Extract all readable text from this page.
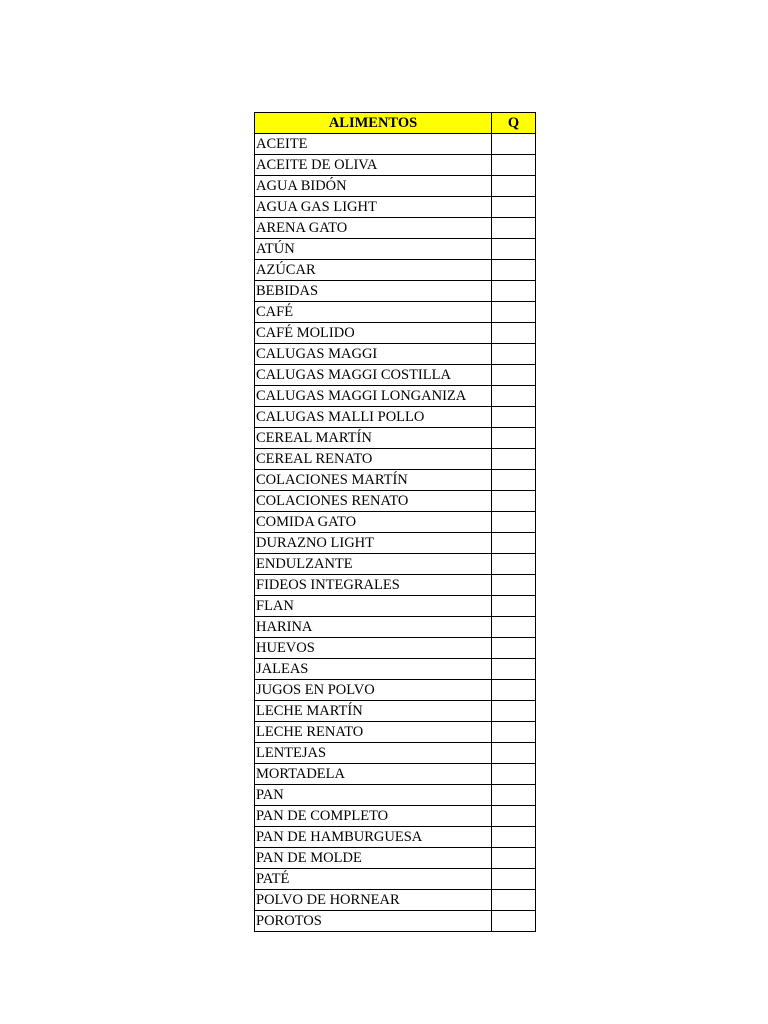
ALIMENTOS	Q
ACEITE	
ACEITE DE OLIVA	
AGUA BIDÓN	
AGUA GAS LIGHT	
ARENA GATO	
ATÚN	
AZÚCAR	
BEBIDAS	
CAFÉ	
CAFÉ MOLIDO	
CALUGAS MAGGI	
CALUGAS MAGGI COSTILLA	
CALUGAS MAGGI LONGANIZA	
CALUGAS MALLI POLLO	
CEREAL MARTÍN	
CEREAL RENATO	
COLACIONES MARTÍN	
COLACIONES RENATO	
COMIDA GATO	
DURAZNO LIGHT	
ENDULZANTE	
FIDEOS INTEGRALES	
FLAN	
HARINA	
HUEVOS	
JALEAS	
JUGOS EN POLVO	
LECHE MARTÍN	
LECHE RENATO	
LENTEJAS	
MORTADELA	
PAN	
PAN DE COMPLETO	
PAN DE HAMBURGUESA	
PAN DE MOLDE	
PATÉ	
POLVO DE HORNEAR	
POROTOS	
